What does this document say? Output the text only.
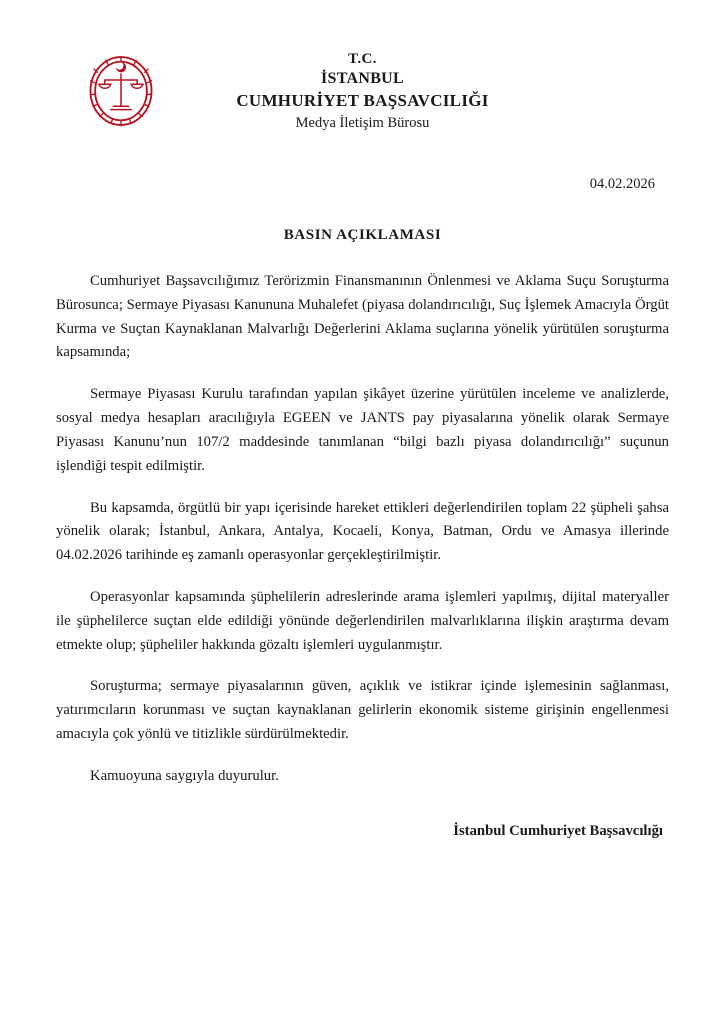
T.C.
İSTANBUL
CUMHURİYET BAŞSAVCILIĞI
Medya İletişim Bürosu
04.02.2026
BASIN AÇIKLAMASI

Cumhuriyet Başsavcılığımız Terörizmin Finansmanının Önlenmesi ve Aklama Suçu Soruşturma Bürosunca; Sermaye Piyasası Kanununa Muhalefet (piyasa dolandırıcılığı, Suç İşlemek Amacıyla Örgüt Kurma ve Suçtan Kaynaklanan Malvarlığı Değerlerini Aklama suçlarına yönelik yürütülen soruşturma kapsamında;

Sermaye Piyasası Kurulu tarafından yapılan şikâyet üzerine yürütülen inceleme ve analizlerde, sosyal medya hesapları aracılığıyla EGEEN ve JANTS pay piyasalarına yönelik olarak Sermaye Piyasası Kanunu’nun 107/2 maddesinde tanımlanan “bilgi bazlı piyasa dolandırıcılığı” suçunun işlendiği tespit edilmiştir.

Bu kapsamda, örgütlü bir yapı içerisinde hareket ettikleri değerlendirilen toplam 22 şüpheli şahsa yönelik olarak; İstanbul, Ankara, Antalya, Kocaeli, Konya, Batman, Ordu ve Amasya illerinde 04.02.2026 tarihinde eş zamanlı operasyonlar gerçekleştirilmiştir.

Operasyonlar kapsamında şüphelilerin adreslerinde arama işlemleri yapılmış, dijital materyaller ile şüphelilerce suçtan elde edildiği yönünde değerlendirilen malvarlıklarına ilişkin araştırma devam etmekte olup; şüpheliler hakkında gözaltı işlemleri uygulanmıştır.

Soruşturma; sermaye piyasalarının güven, açıklık ve istikrar içinde işlemesinin sağlanması, yatırımcıların korunması ve suçtan kaynaklanan gelirlerin ekonomik sisteme girişinin engellenmesi amacıyla çok yönlü ve titizlikle sürdürülmektedir.

Kamuoyuna saygıyla duyurulur.

İstanbul Cumhuriyet Başsavcılığı
